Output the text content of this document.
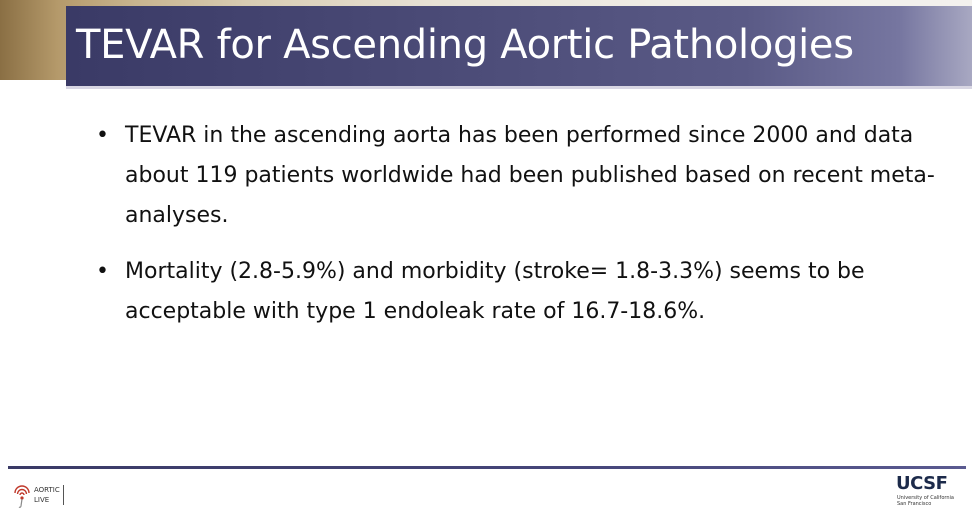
TEVAR for Ascending Aortic Pathologies
• TEVAR in the ascending aorta has been performed since 2000 and data about 119 patients worldwide had been published based on recent meta-analyses.
• Mortality (2.8-5.9%) and morbidity (stroke= 1.8-3.3%) seems to be acceptable with type 1 endoleak rate of 16.7-18.6%.
AORTIC
LIVE
UCSF
University of California
San Francisco
